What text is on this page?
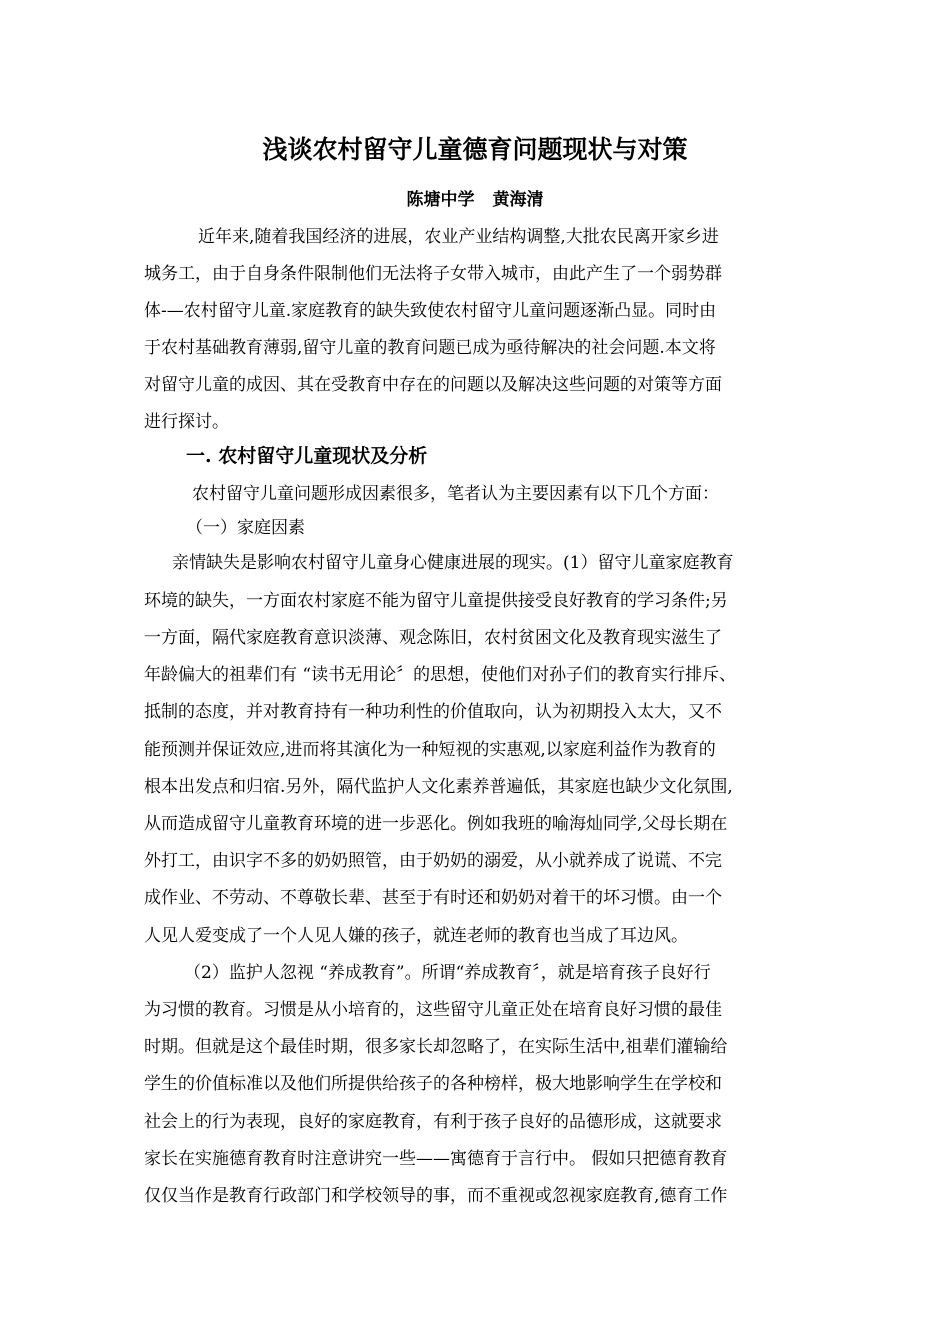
浅谈农村留守儿童德育问题现状与对策
陈塘中学 黄海清
近年来,随着我国经济的进展，农业产业结构调整,大批农民离开家乡进
城务工，由于自身条件限制他们无法将子女带入城市，由此产生了一个弱势群
体-—农村留守儿童.家庭教育的缺失致使农村留守儿童问题逐渐凸显。同时由
于农村基础教育薄弱,留守儿童的教育问题已成为亟待解决的社会问题.本文将
对留守儿童的成因、其在受教育中存在的问题以及解决这些问题的对策等方面
进行探讨。
一. 农村留守儿童现状及分析
农村留守儿童问题形成因素很多，笔者认为主要因素有以下几个方面：
（一）家庭因素
亲情缺失是影响农村留守儿童身心健康进展的现实。(1）留守儿童家庭教育
环境的缺失，一方面农村家庭不能为留守儿童提供接受良好教育的学习条件;另
一方面，隔代家庭教育意识淡薄、观念陈旧，农村贫困文化及教育现实滋生了
年龄偏大的祖辈们有 “读书无用论〞的思想，使他们对孙子们的教育实行排斥、
抵制的态度，并对教育持有一种功利性的价值取向，认为初期投入太大，又不
能预测并保证效应,进而将其演化为一种短视的实惠观,以家庭利益作为教育的
根本出发点和归宿.另外，隔代监护人文化素养普遍低，其家庭也缺少文化氛围,
从而造成留守儿童教育环境的进一步恶化。例如我班的喻海灿同学,父母长期在
外打工，由识字不多的奶奶照管，由于奶奶的溺爱，从小就养成了说谎、不完
成作业、不劳动、不尊敬长辈、甚至于有时还和奶奶对着干的坏习惯。由一个
人见人爱变成了一个人见人嫌的孩子，就连老师的教育也当成了耳边风。
（2）监护人忽视 “养成教育”。所谓“养成教育〞，就是培育孩子良好行
为习惯的教育。习惯是从小培育的，这些留守儿童正处在培育良好习惯的最佳
时期。但就是这个最佳时期，很多家长却忽略了，在实际生活中,祖辈们灌输给
学生的价值标准以及他们所提供给孩子的各种榜样，极大地影响学生在学校和
社会上的行为表现，良好的家庭教育，有利于孩子良好的品德形成，这就要求
家长在实施德育教育时注意讲究一些——寓德育于言行中。 假如只把德育教育
仅仅当作是教育行政部门和学校领导的事，而不重视或忽视家庭教育,德育工作
